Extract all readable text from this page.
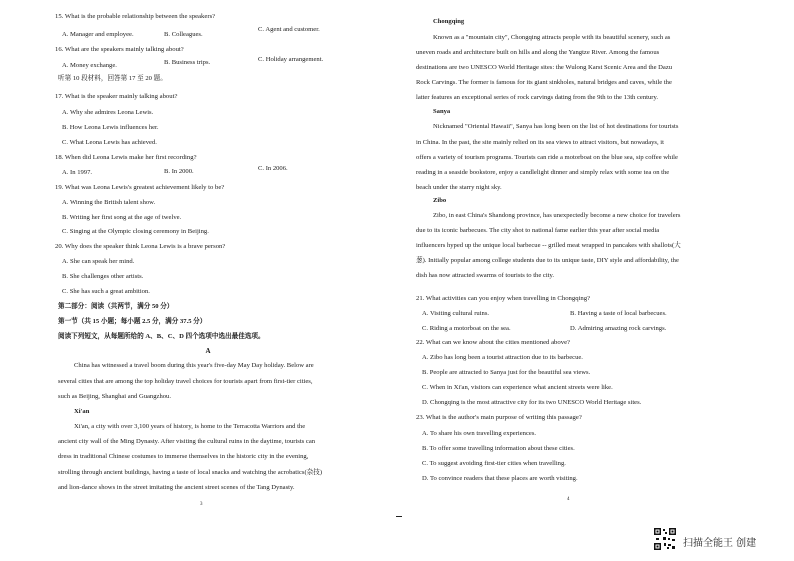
15. What is the probable relationship between the speakers?
A. Manager and employee.	B. Colleagues.
C. Agent and customer.
16. What are the speakers mainly talking about?
A. Money exchange.	B. Business trips.	C. Holiday arrangement.
听第 10 段材料，回答第 17 至 20 题。
17. What is the speaker mainly talking about?
A. Why she admires Leona Lewis.
B. How Leona Lewis influences her.
C. What Leona Lewis has achieved.
18. When did Leona Lewis make her first recording?
A. In 1997.	B. In 2000.	C. In 2006.
19. What was Leona Lewis's greatest achievement likely to be?
A. Winning the British talent show.
B. Writing her first song at the age of twelve.
C. Singing at the Olympic closing ceremony in Beijing.
20. Why does the speaker think Leona Lewis is a brave person?
A. She can speak her mind.
B. She challenges other artists.
C. She has such a great ambition.
第二部分：阅读（共两节，满分 50 分）
第一节（共 15 小题；每小题 2.5 分，满分 37.5 分）
阅读下列短文，从每题所给的 A、B、C、D 四个选项中选出最佳选项。
A
China has witnessed a travel boom during this year's five-day May Day holiday. Below are
several cities that are among the top holiday travel choices for tourists apart from first-tier cities,
such as Beijing, Shanghai and Guangzhou.
Xi'an
Xi'an, a city with over 3,100 years of history, is home to the Terracotta Warriors and the
ancient city wall of the Ming Dynasty. After visiting the cultural ruins in the daytime, tourists can
dress in traditional Chinese costumes to immerse themselves in the historic city in the evening,
strolling through ancient buildings, having a taste of local snacks and watching the acrobatics(杂技)
and lion-dance shows in the street imitating the ancient street scenes of the Tang Dynasty.
3
Chongqing
Known as a "mountain city", Chongqing attracts people with its beautiful scenery, such as
uneven roads and architecture built on hills and along the Yangtze River. Among the famous
destinations are two UNESCO World Heritage sites: the Wulong Karst Scenic Area and the Dazu
Rock Carvings. The former is famous for its giant sinkholes, natural bridges and caves, while the
latter features an exceptional series of rock carvings dating from the 9th to the 13th century.
Sanya
Nicknamed "Oriental Hawaii", Sanya has long been on the list of hot destinations for tourists
in China. In the past, the site mainly relied on its sea views to attract visitors, but nowadays, it
offers a variety of tourism programs. Tourists can ride a motorboat on the blue sea, sip coffee while
reading in a seaside bookstore, enjoy a candlelight dinner and simply relax with some tea on the
beach under the starry night sky.
Zibo
Zibo, in east China's Shandong province, has unexpectedly become a new choice for travelers
due to its iconic barbecues. The city shot to national fame earlier this year after social media
influencers hyped up the unique local barbecue -- grilled meat wrapped in pancakes with shallots(大
葱). Initially popular among college students due to its unique taste, DIY style and affordability, the
dish has now attracted swarms of tourists to the city.
21. What activities can you enjoy when travelling in Chongqing?
A. Visiting cultural ruins.	B. Having a taste of local barbecues.
C. Riding a motorboat on the sea.	D. Admiring amazing rock carvings.
22. What can we know about the cities mentioned above?
A. Zibo has long been a tourist attraction due to its barbecue.
B. People are attracted to Sanya just for the beautiful sea views.
C. When in Xi'an, visitors can experience what ancient streets were like.
D. Chongqing is the most attractive city for its two UNESCO World Heritage sites.
23. What is the author's main purpose of writing this passage?
A. To share his own travelling experiences.
B. To offer some travelling information about these cities.
C. To suggest avoiding first-tier cities when travelling.
D. To convince readers that these places are worth visiting.
4
扫描全能王 创建
